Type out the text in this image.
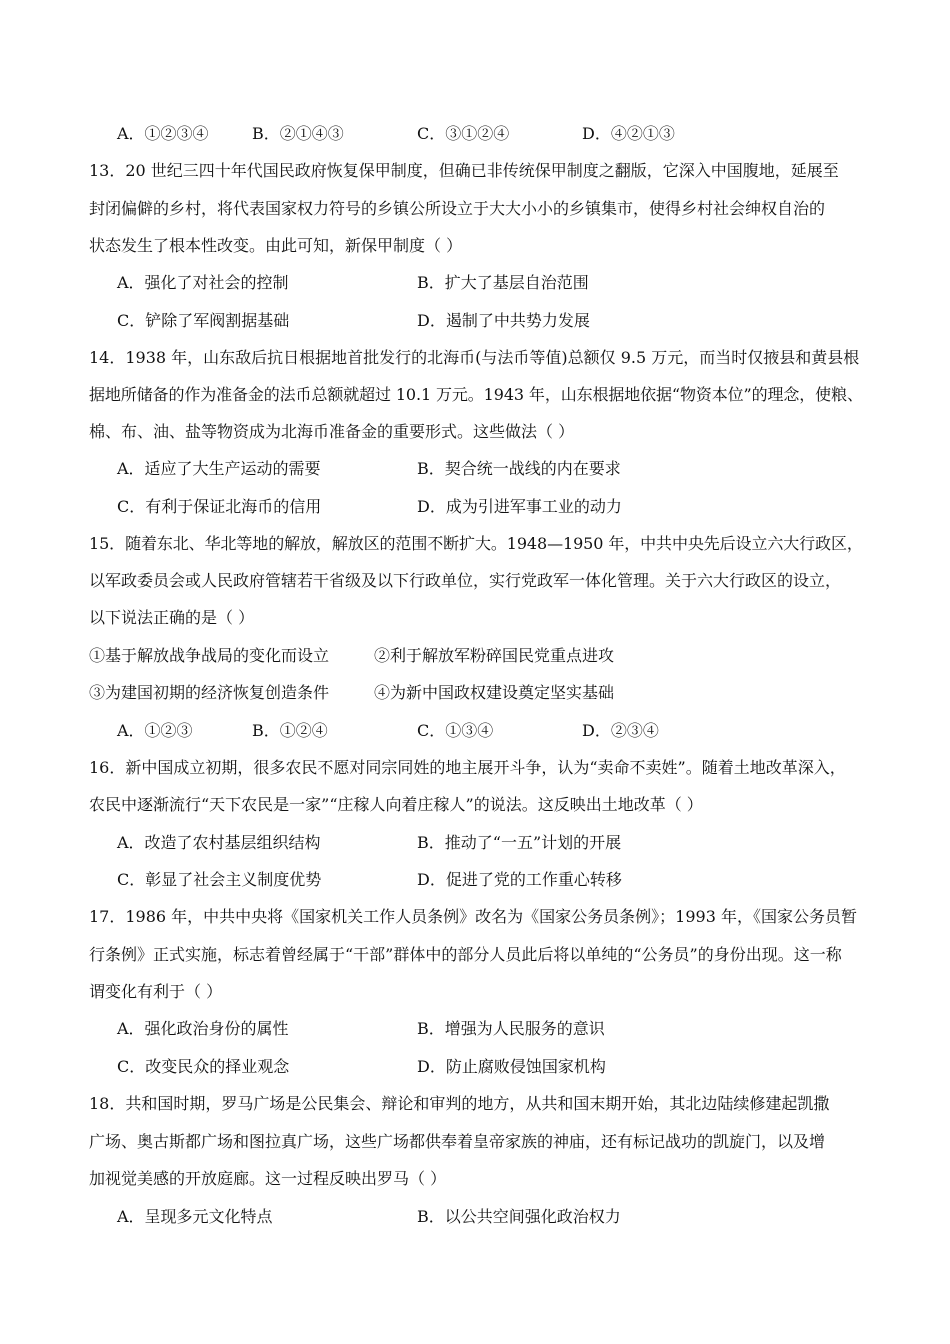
A．①②③④	B．②①④③	C．③①②④	D．④②①③
13．20 世纪三四十年代国民政府恢复保甲制度，但确已非传统保甲制度之翻版，它深入中国腹地，延展至
封闭偏僻的乡村，将代表国家权力符号的乡镇公所设立于大大小小的乡镇集市，使得乡村社会绅权自治的
状态发生了根本性改变。由此可知，新保甲制度（ ）
A．强化了对社会的控制	B．扩大了基层自治范围
C．铲除了军阀割据基础	D．遏制了中共势力发展
14．1938 年，山东敌后抗日根据地首批发行的北海币(与法币等值)总额仅 9.5 万元，而当时仅掖县和黄县根
据地所储备的作为准备金的法币总额就超过 10.1 万元。1943 年，山东根据地依据“物资本位”的理念，使粮、
棉、布、油、盐等物资成为北海币准备金的重要形式。这些做法（ ）
A．适应了大生产运动的需要	B．契合统一战线的内在要求
C．有利于保证北海币的信用	D．成为引进军事工业的动力
15．随着东北、华北等地的解放，解放区的范围不断扩大。1948—1950 年，中共中央先后设立六大行政区，
以军政委员会或人民政府管辖若干省级及以下行政单位，实行党政军一体化管理。关于六大行政区的设立，
以下说法正确的是（ ）
①基于解放战争战局的变化而设立	②利于解放军粉碎国民党重点进攻
③为建国初期的经济恢复创造条件	④为新中国政权建设奠定坚实基础
A．①②③	B．①②④	C．①③④	D．②③④
16．新中国成立初期，很多农民不愿对同宗同姓的地主展开斗争，认为“卖命不卖姓”。随着土地改革深入，
农民中逐渐流行“天下农民是一家”“庄稼人向着庄稼人”的说法。这反映出土地改革（ ）
A．改造了农村基层组织结构	B．推动了“一五”计划的开展
C．彰显了社会主义制度优势	D．促进了党的工作重心转移
17．1986 年，中共中央将《国家机关工作人员条例》改名为《国家公务员条例》；1993 年，《国家公务员暂
行条例》正式实施，标志着曾经属于“干部”群体中的部分人员此后将以单纯的“公务员”的身份出现。这一称
谓变化有利于（ ）
A．强化政治身份的属性	B．增强为人民服务的意识
C．改变民众的择业观念	D．防止腐败侵蚀国家机构
18．共和国时期，罗马广场是公民集会、辩论和审判的地方，从共和国末期开始，其北边陆续修建起凯撒
广场、奥古斯都广场和图拉真广场，这些广场都供奉着皇帝家族的神庙，还有标记战功的凯旋门，以及增
加视觉美感的开放庭廊。这一过程反映出罗马（ ）
A．呈现多元文化特点	B．以公共空间强化政治权力
